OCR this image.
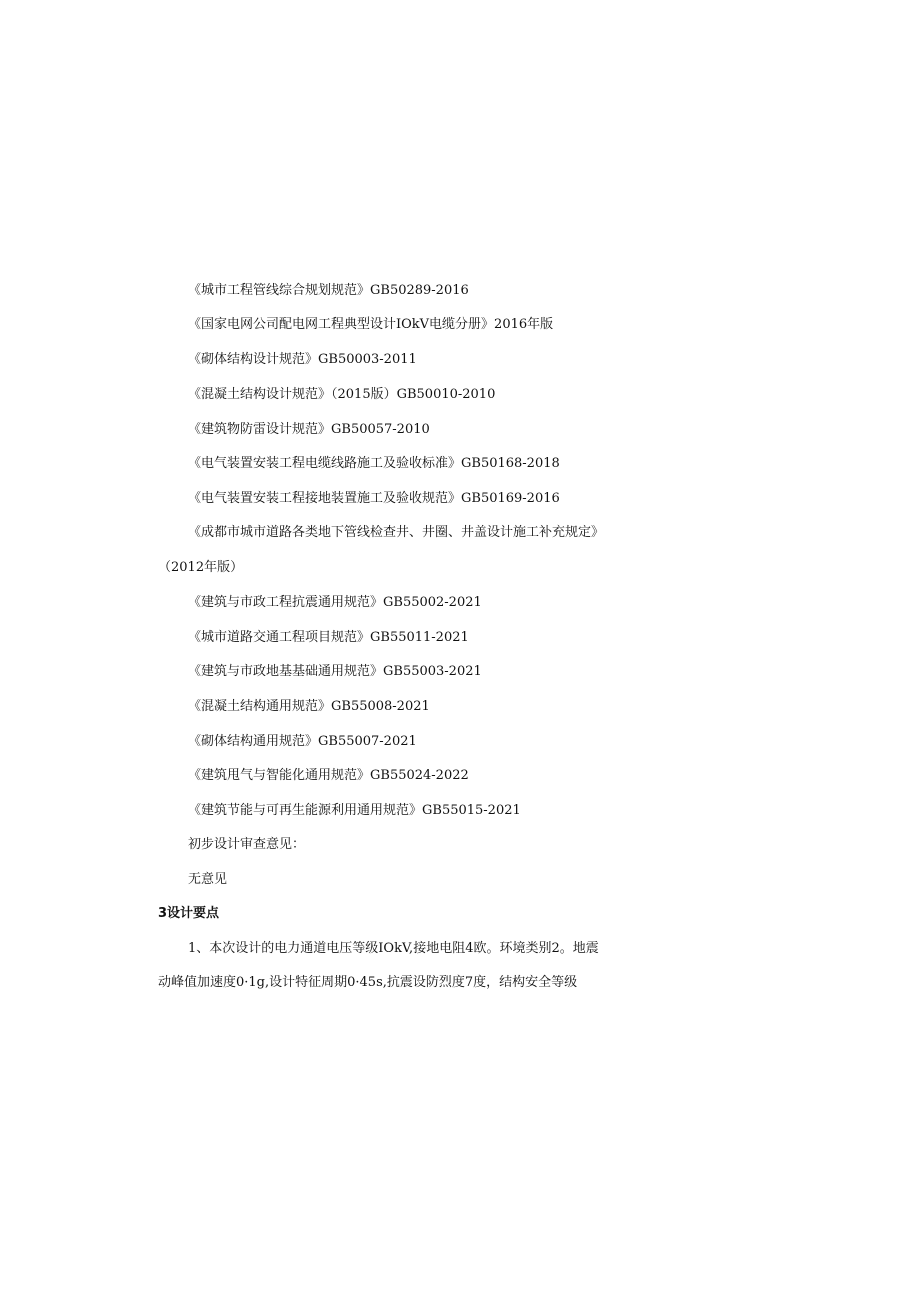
《城市工程管线综合规划规范》GB50289-2016
《国家电网公司配电网工程典型设计IOkV电缆分册》2016年版
《砌体结构设计规范》GB50003-2011
《混凝土结构设计规范》（2015版）GB50010-2010
《建筑物防雷设计规范》GB50057-2010
《电气装置安装工程电缆线路施工及验收标准》GB50168-2018
《电气装置安装工程接地装置施工及验收规范》GB50169-2016
《成都市城市道路各类地下管线检查井、井圈、井盖设计施工补充规定》
（2012年版）
《建筑与市政工程抗震通用规范》GB55002-2021
《城市道路交通工程项目规范》GB55011-2021
《建筑与市政地基基础通用规范》GB55003-2021
《混凝土结构通用规范》GB55008-2021
《砌体结构通用规范》GB55007-2021
《建筑甩气与智能化通用规范》GB55024-2022
《建筑节能与可再生能源利用通用规范》GB55015-2021
初步设计审查意见：
无意见
3设计要点
1、本次设计的电力通道电压等级IOkV,接地电阻4欧。环境类别2。地震
动峰值加速度0·1g,设计特征周期0·45s,抗震设防烈度7度，结构安全等级
